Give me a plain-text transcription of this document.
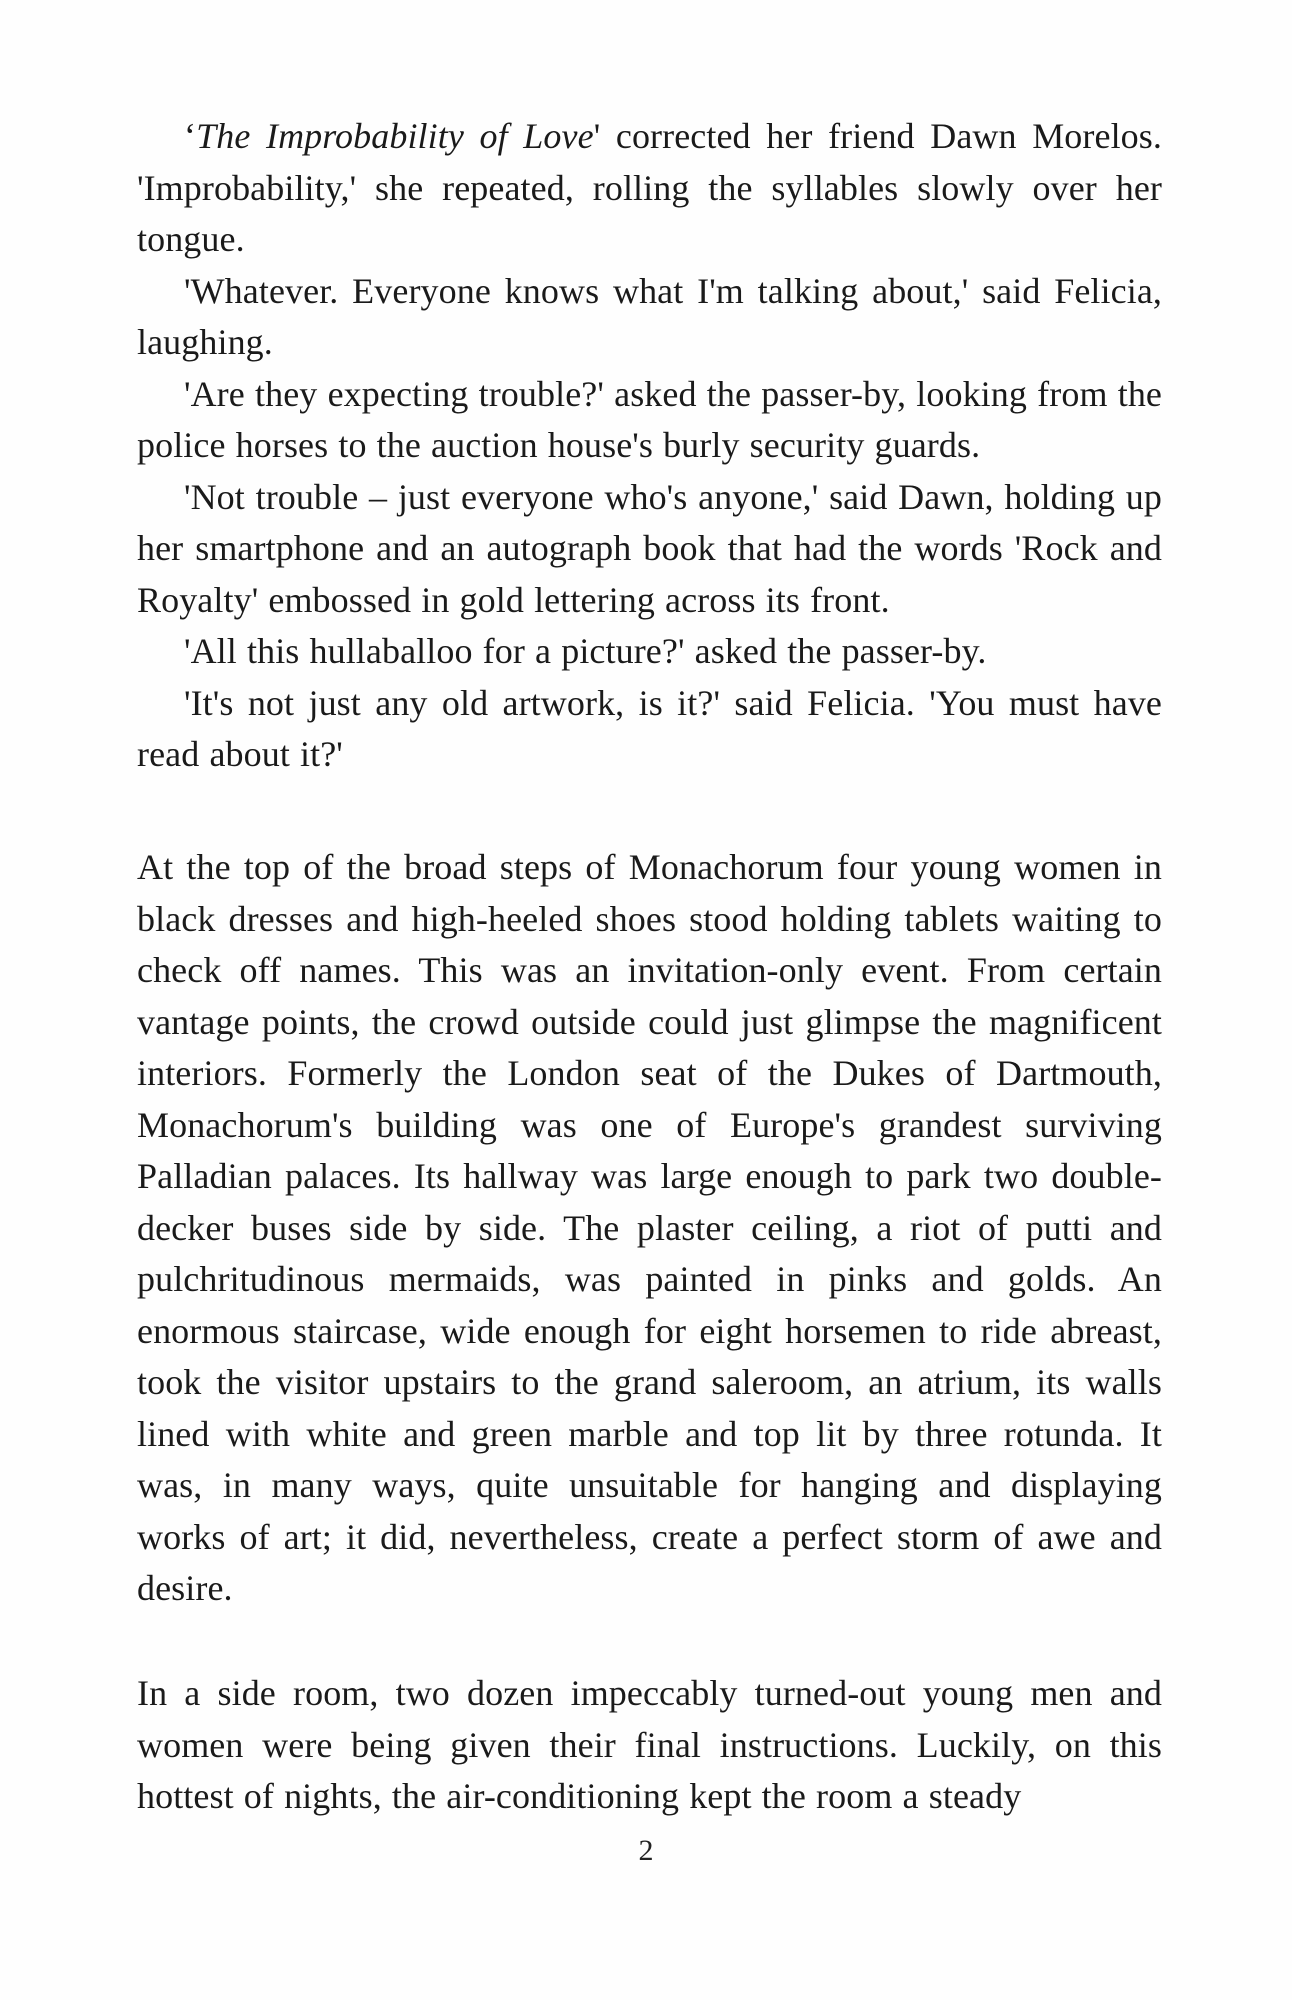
‘The Improbability of Love' corrected her friend Dawn Morelos. 'Improbability,' she repeated, rolling the syllables slowly over her tongue.

'Whatever. Everyone knows what I'm talking about,' said Felicia, laughing.

'Are they expecting trouble?' asked the passer-by, looking from the police horses to the auction house's burly security guards.

'Not trouble – just everyone who's anyone,' said Dawn, holding up her smartphone and an autograph book that had the words 'Rock and Royalty' embossed in gold lettering across its front.

'All this hullaballoo for a picture?' asked the passer-by.

'It's not just any old artwork, is it?' said Felicia. 'You must have read about it?'

At the top of the broad steps of Monachorum four young women in black dresses and high-heeled shoes stood holding tablets waiting to check off names. This was an invitation-only event. From certain vantage points, the crowd outside could just glimpse the magnificent interiors. Formerly the London seat of the Dukes of Dartmouth, Monachorum's building was one of Europe's grandest surviving Palladian palaces. Its hallway was large enough to park two double-decker buses side by side. The plaster ceiling, a riot of putti and pulchritudinous mermaids, was painted in pinks and golds. An enormous staircase, wide enough for eight horsemen to ride abreast, took the visitor upstairs to the grand saleroom, an atrium, its walls lined with white and green marble and top lit by three rotunda. It was, in many ways, quite unsuitable for hanging and displaying works of art; it did, nevertheless, create a perfect storm of awe and desire.

In a side room, two dozen impeccably turned-out young men and women were being given their final instructions. Luckily, on this hottest of nights, the air-conditioning kept the room a steady

2
